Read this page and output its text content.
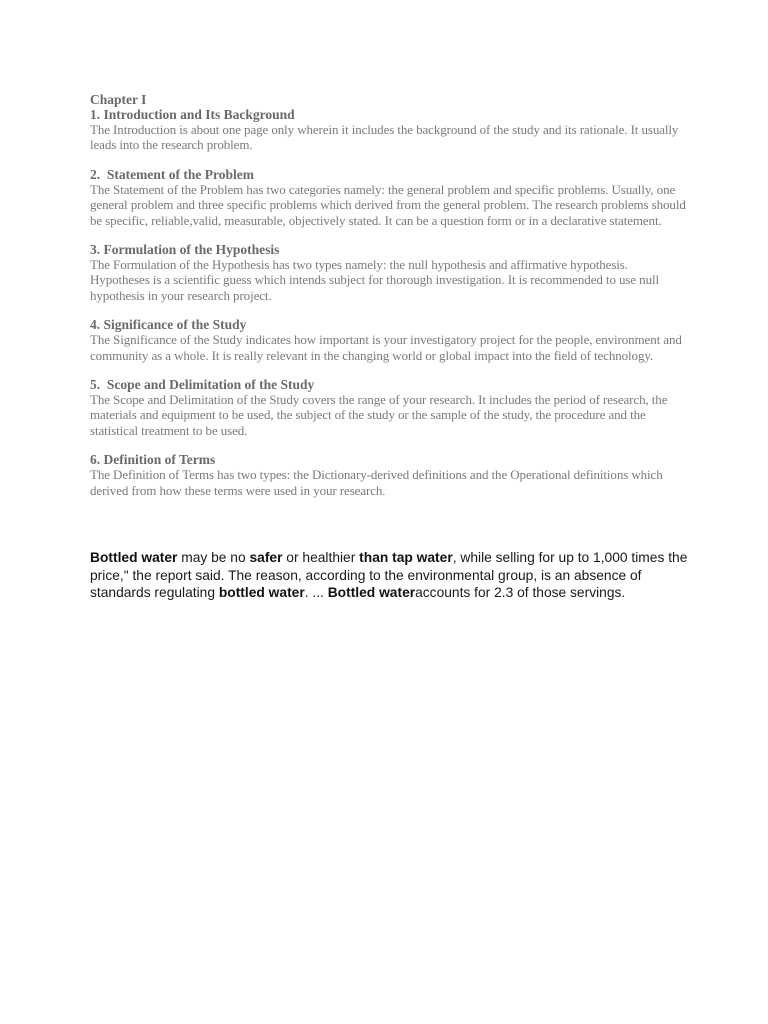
Chapter I

1. Introduction and Its Background

The Introduction is about one page only wherein it includes the background of the study and its rationale. It usually leads into the research problem.

2.  Statement of the Problem

The Statement of the Problem has two categories namely: the general problem and specific problems. Usually, one general problem and three specific problems which derived from the general problem. The research problems should be specific, reliable,valid, measurable, objectively stated. It can be a question form or in a declarative statement.

3. Formulation of the Hypothesis

The Formulation of the Hypothesis has two types namely: the null hypothesis and affirmative hypothesis. Hypotheses is a scientific guess which intends subject for thorough investigation. It is recommended to use null hypothesis in your research project.

4. Significance of the Study

The Significance of the Study indicates how important is your investigatory project for the people, environment and community as a whole. It is really relevant in the changing world or global impact into the field of technology.

5.  Scope and Delimitation of the Study

The Scope and Delimitation of the Study covers the range of your research. It includes the period of research, the materials and equipment to be used, the subject of the study or the sample of the study, the procedure and the statistical treatment to be used.

6. Definition of Terms

The Definition of Terms has two types: the Dictionary-derived definitions and the Operational definitions which derived from how these terms were used in your research.

Bottled water may be no safer or healthier than tap water, while selling for up to 1,000 times the price," the report said. The reason, according to the environmental group, is an absence of standards regulating bottled water. ... Bottled wateraccounts for 2.3 of those servings.
